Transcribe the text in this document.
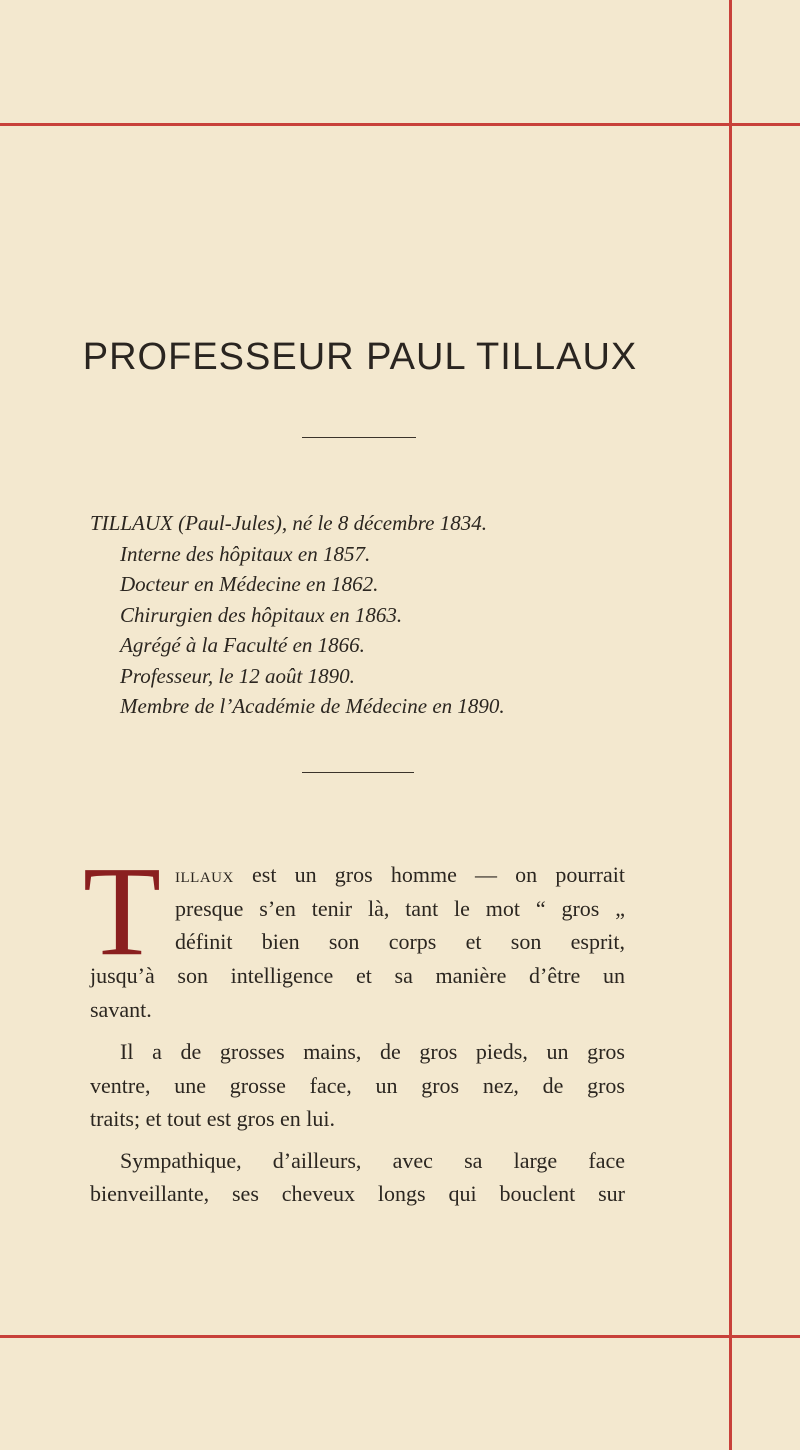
PROFESSEUR PAUL TILLAUX
TILLAUX (Paul-Jules), né le 8 décembre 1834.
Interne des hôpitaux en 1857.
Docteur en Médecine en 1862.
Chirurgien des hôpitaux en 1863.
Agrégé à la Faculté en 1866.
Professeur, le 12 août 1890.
Membre de l’Académie de Médecine en 1890.
T illaux est un gros homme — on pourrait
presque s’en tenir là, tant le mot “ gros „
définit bien son corps et son esprit,
jusqu’à son intelligence et sa manière d’être un
savant.
Il a de grosses mains, de gros pieds, un gros
ventre, une grosse face, un gros nez, de gros
traits; et tout est gros en lui.
Sympathique, d’ailleurs, avec sa large face
bienveillante, ses cheveux longs qui bouclent sur
